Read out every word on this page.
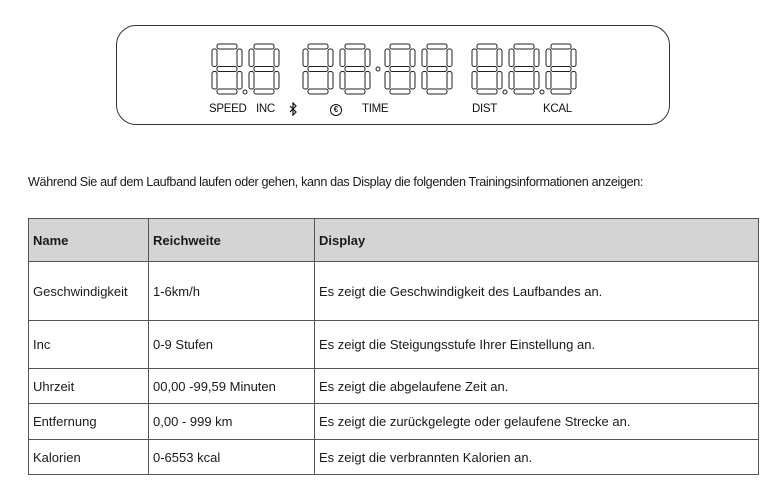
SPEED INC	€	TIME	DIST	KCAL
Während Sie auf dem Laufband laufen oder gehen, kann das Display die folgenden Trainingsinformationen anzeigen:
Name	Reichweite	Display
Geschwindigkeit	1-6km/h	Es zeigt die Geschwindigkeit des Laufbandes an.
Inc	0-9 Stufen	Es zeigt die Steigungsstufe Ihrer Einstellung an.
Uhrzeit	00,00 -99,59 Minuten	Es zeigt die abgelaufene Zeit an.
Entfernung	0,00 - 999 km	Es zeigt die zurückgelegte oder gelaufene Strecke an.
Kalorien	0-6553 kcal	Es zeigt die verbrannten Kalorien an.
